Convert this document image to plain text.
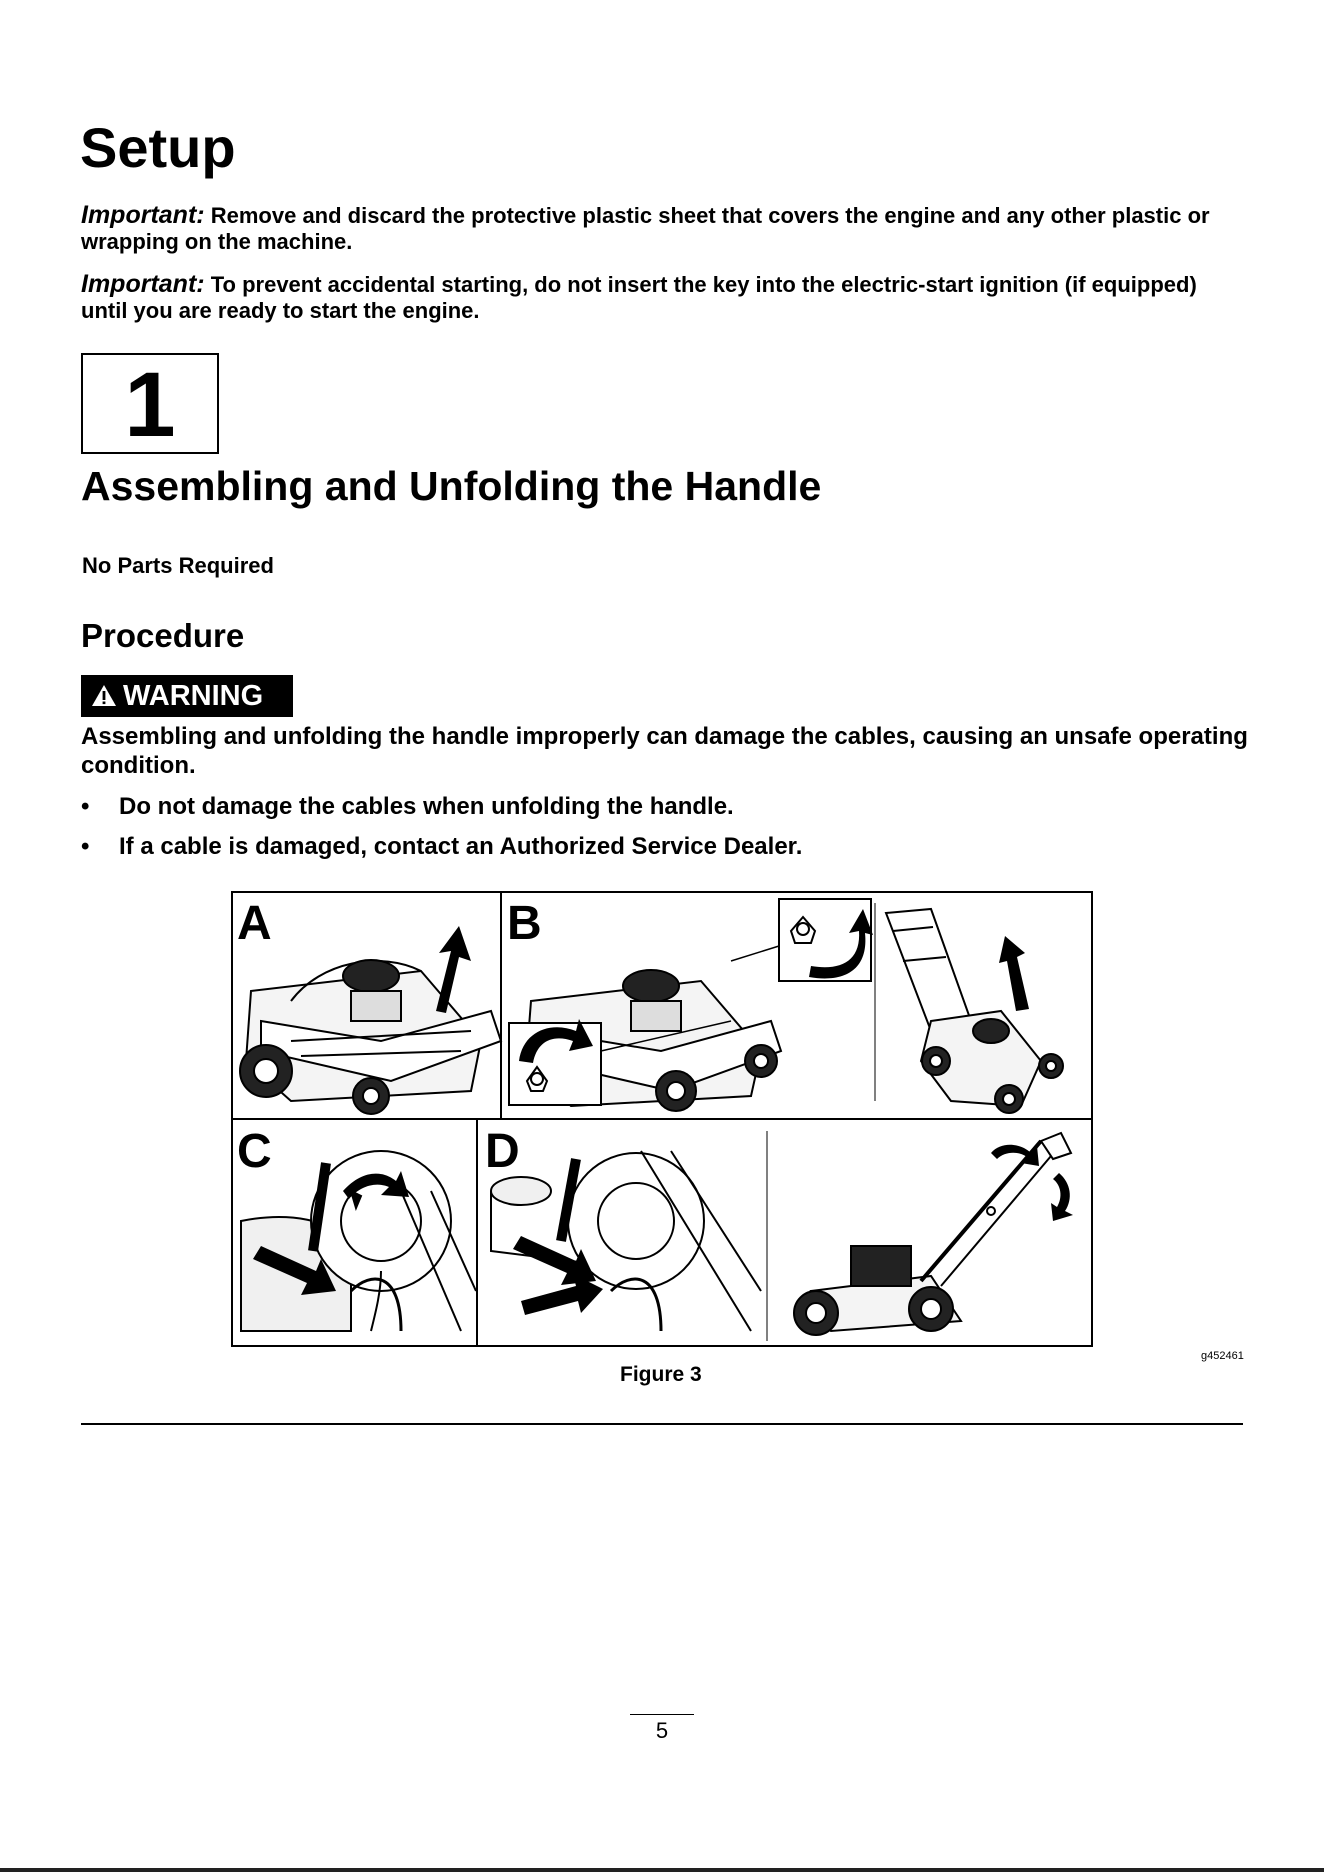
Setup
Important: Remove and discard the protective plastic sheet that covers the engine and any other plastic or wrapping on the machine.
Important: To prevent accidental starting, do not insert the key into the electric-start ignition (if equipped) until you are ready to start the engine.
1
Assembling and Unfolding the Handle
No Parts Required
Procedure
WARNING
Assembling and unfolding the handle improperly can damage the cables, causing an unsafe operating condition.
• Do not damage the cables when unfolding the handle.
• If a cable is damaged, contact an Authorized Service Dealer.
A	B
C	D
g452461
Figure 3
5
